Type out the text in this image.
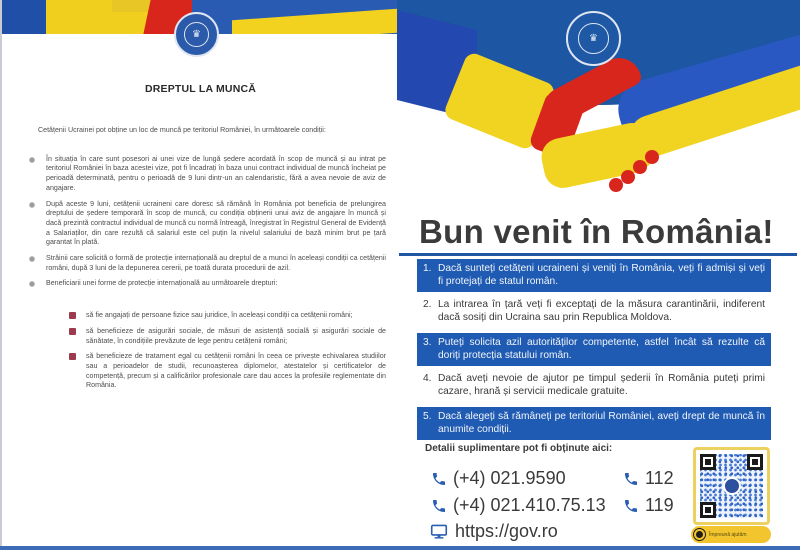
♛
DREPTUL LA MUNCĂ

Cetățenii Ucrainei pot obține un loc de muncă pe teritoriul României, în următoarele condiții:

În situația în care sunt posesori ai unei vize de lungă ședere acordată în scop de muncă și au intrat pe teritoriul României în baza acestei vize, pot fi încadrați în baza unui contract individual de muncă încheiat pe perioadă determinată, pentru o perioadă de 9 luni dintr-un an calendaristic, fără a avea nevoie de aviz de angajare.
După aceste 9 luni, cetățenii ucraineni care doresc să rămână în România pot beneficia de prelungirea dreptului de ședere temporară în scop de muncă, cu condiția obținerii unui aviz de angajare în muncă și dacă prezintă contractul individual de muncă cu normă întreagă, înregistrat în Registrul General de Evidență a Salariaților, din care rezultă că salariul este cel puțin la nivelul salariului de bază minim brut pe țară garantat în plată.
Străinii care solicită o formă de protecție internațională au dreptul de a munci în aceleași condiții ca cetățenii români, după 3 luni de la depunerea cererii, pe toată durata procedurii de azil.
Beneficiarii unei forme de protecție internațională au următoarele drepturi:
să fie angajați de persoane fizice sau juridice, în aceleași condiții ca cetățenii români;
să beneficieze de asigurări sociale, de măsuri de asistență socială și asigurări sociale de sănătate, în condițiile prevăzute de lege pentru cetățenii români;
să beneficieze de tratament egal cu cetățenii români în ceea ce privește echivalarea studiilor sau a perioadelor de studii, recunoașterea diplomelor, atestatelor și certificatelor de competență, precum și a calificărilor profesionale care dau acces la profesiile reglementate din România.
♛
Bun venit în România!
1. Dacă sunteți cetățeni ucraineni și veniți în România, veți fi admiși și veți fi protejați de statul român.
2. La intrarea în țară veți fi exceptați de la măsura carantinării, indiferent dacă sosiți din Ucraina sau prin Republica Moldova.
3. Puteți solicita azil autorităților competente, astfel încât să rezulte că doriți protecția statului român.
4. Dacă aveți nevoie de ajutor pe timpul șederii în România puteți primi cazare, hrană și servicii medicale gratuite.
5. Dacă alegeți să rămâneți pe teritoriul României, aveți drept de muncă în anumite condiții.
Detalii suplimentare pot fi obținute aici:
(+4) 021.9590
(+4) 021.410.75.13
112
119
https://gov.ro	Împreună ajutăm
